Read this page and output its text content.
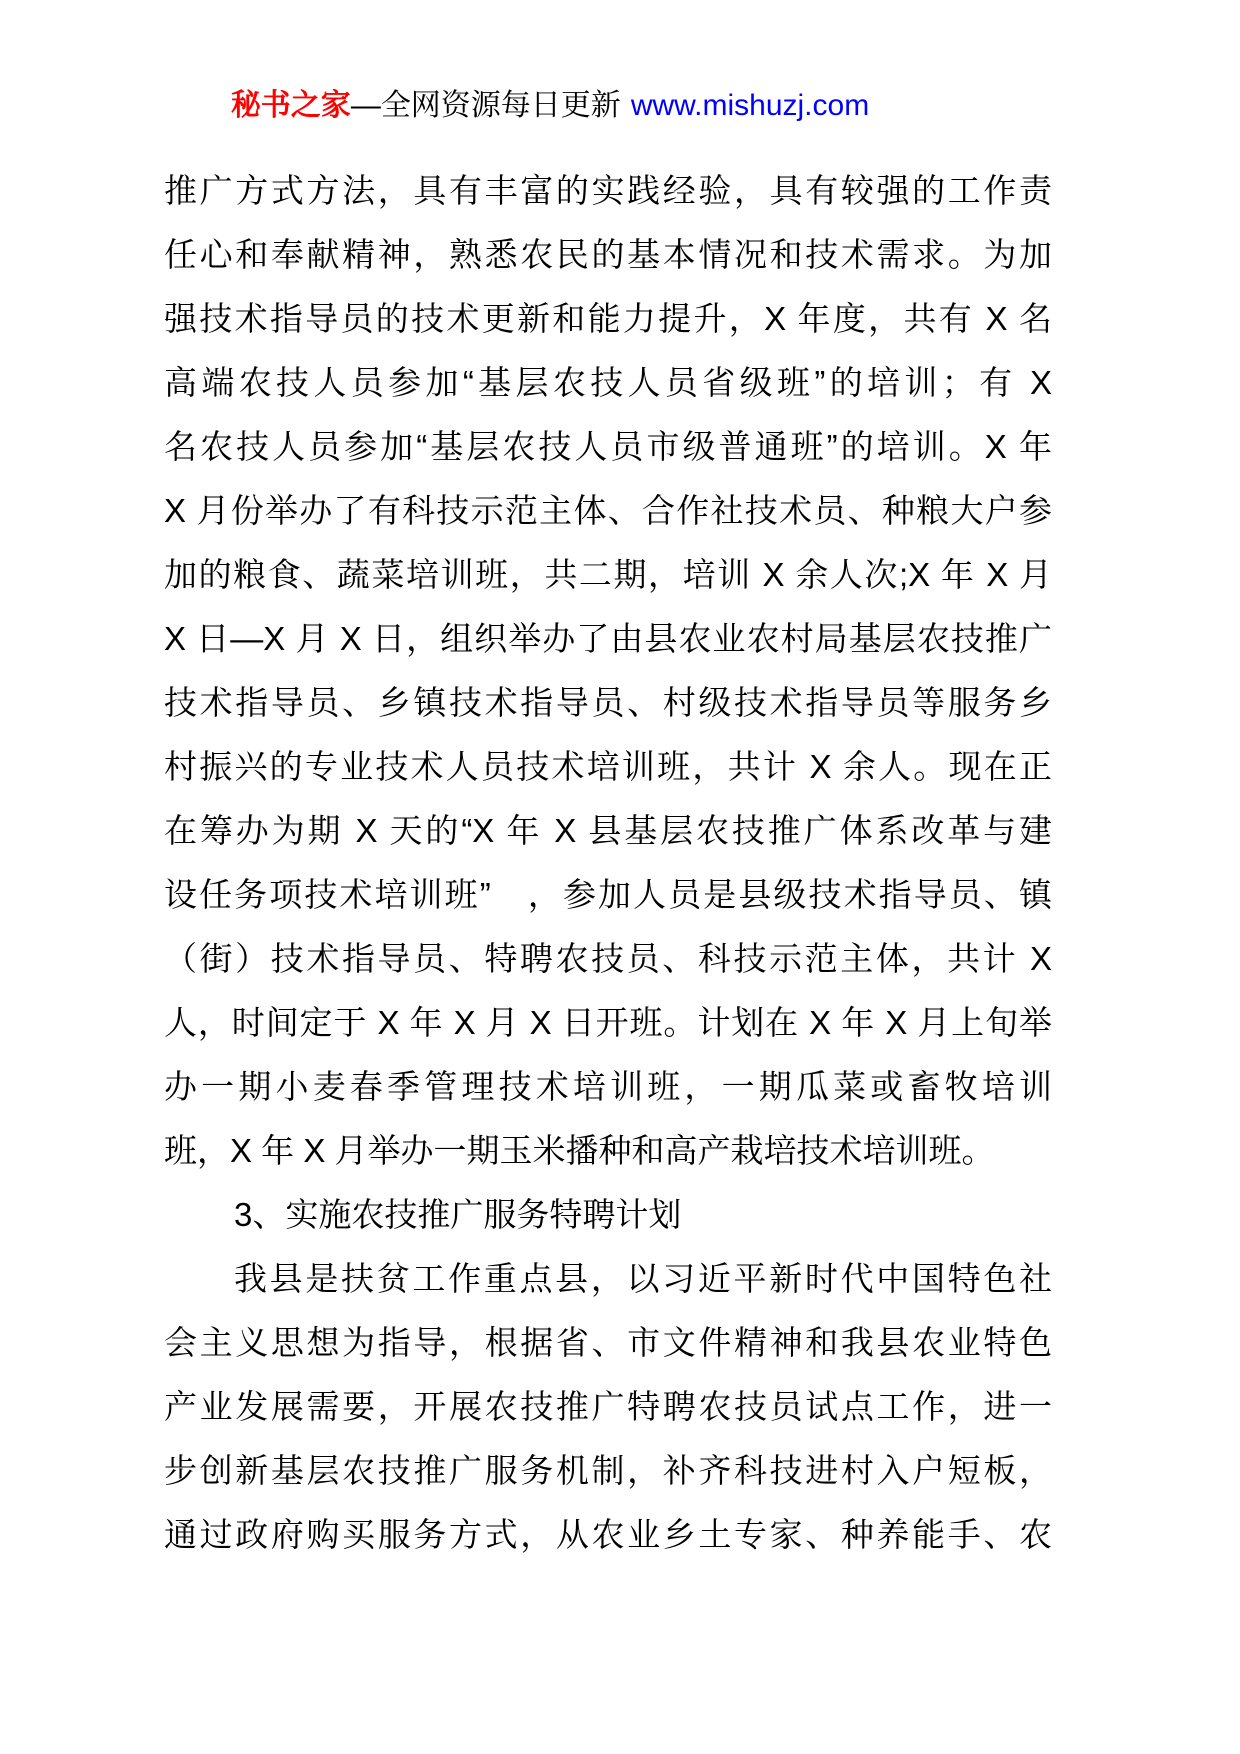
秘书之家—全网资源每日更新 www.mishuzj.com
推广方式方法，具有丰富的实践经验，具有较强的工作责
任心和奉献精神，熟悉农民的基本情况和技术需求。为加
强技术指导员的技术更新和能力提升，X 年度，共有 X 名
高端农技人员参加“基层农技人员省级班”的培训；有 X
名农技人员参加“基层农技人员市级普通班”的培训。X 年
X 月份举办了有科技示范主体、合作社技术员、种粮大户参
加的粮食、蔬菜培训班，共二期，培训 X 余人次;X 年 X 月
X 日—X 月 X 日，组织举办了由县农业农村局基层农技推广
技术指导员、乡镇技术指导员、村级技术指导员等服务乡
村振兴的专业技术人员技术培训班，共计 X 余人。现在正
在筹办为期 X 天的“X 年 X 县基层农技推广体系改革与建
设任务项技术培训班”　，参加人员是县级技术指导员、镇
（街）技术指导员、特聘农技员、科技示范主体，共计 X
人，时间定于 X 年 X 月 X 日开班。计划在 X 年 X 月上旬举
办一期小麦春季管理技术培训班，一期瓜菜或畜牧培训
班，X 年 X 月举办一期玉米播种和高产栽培技术培训班。
3、实施农技推广服务特聘计划
我县是扶贫工作重点县，以习近平新时代中国特色社
会主义思想为指导，根据省、市文件精神和我县农业特色
产业发展需要，开展农技推广特聘农技员试点工作，进一
步创新基层农技推广服务机制，补齐科技进村入户短板，
通过政府购买服务方式，从农业乡土专家、种养能手、农
